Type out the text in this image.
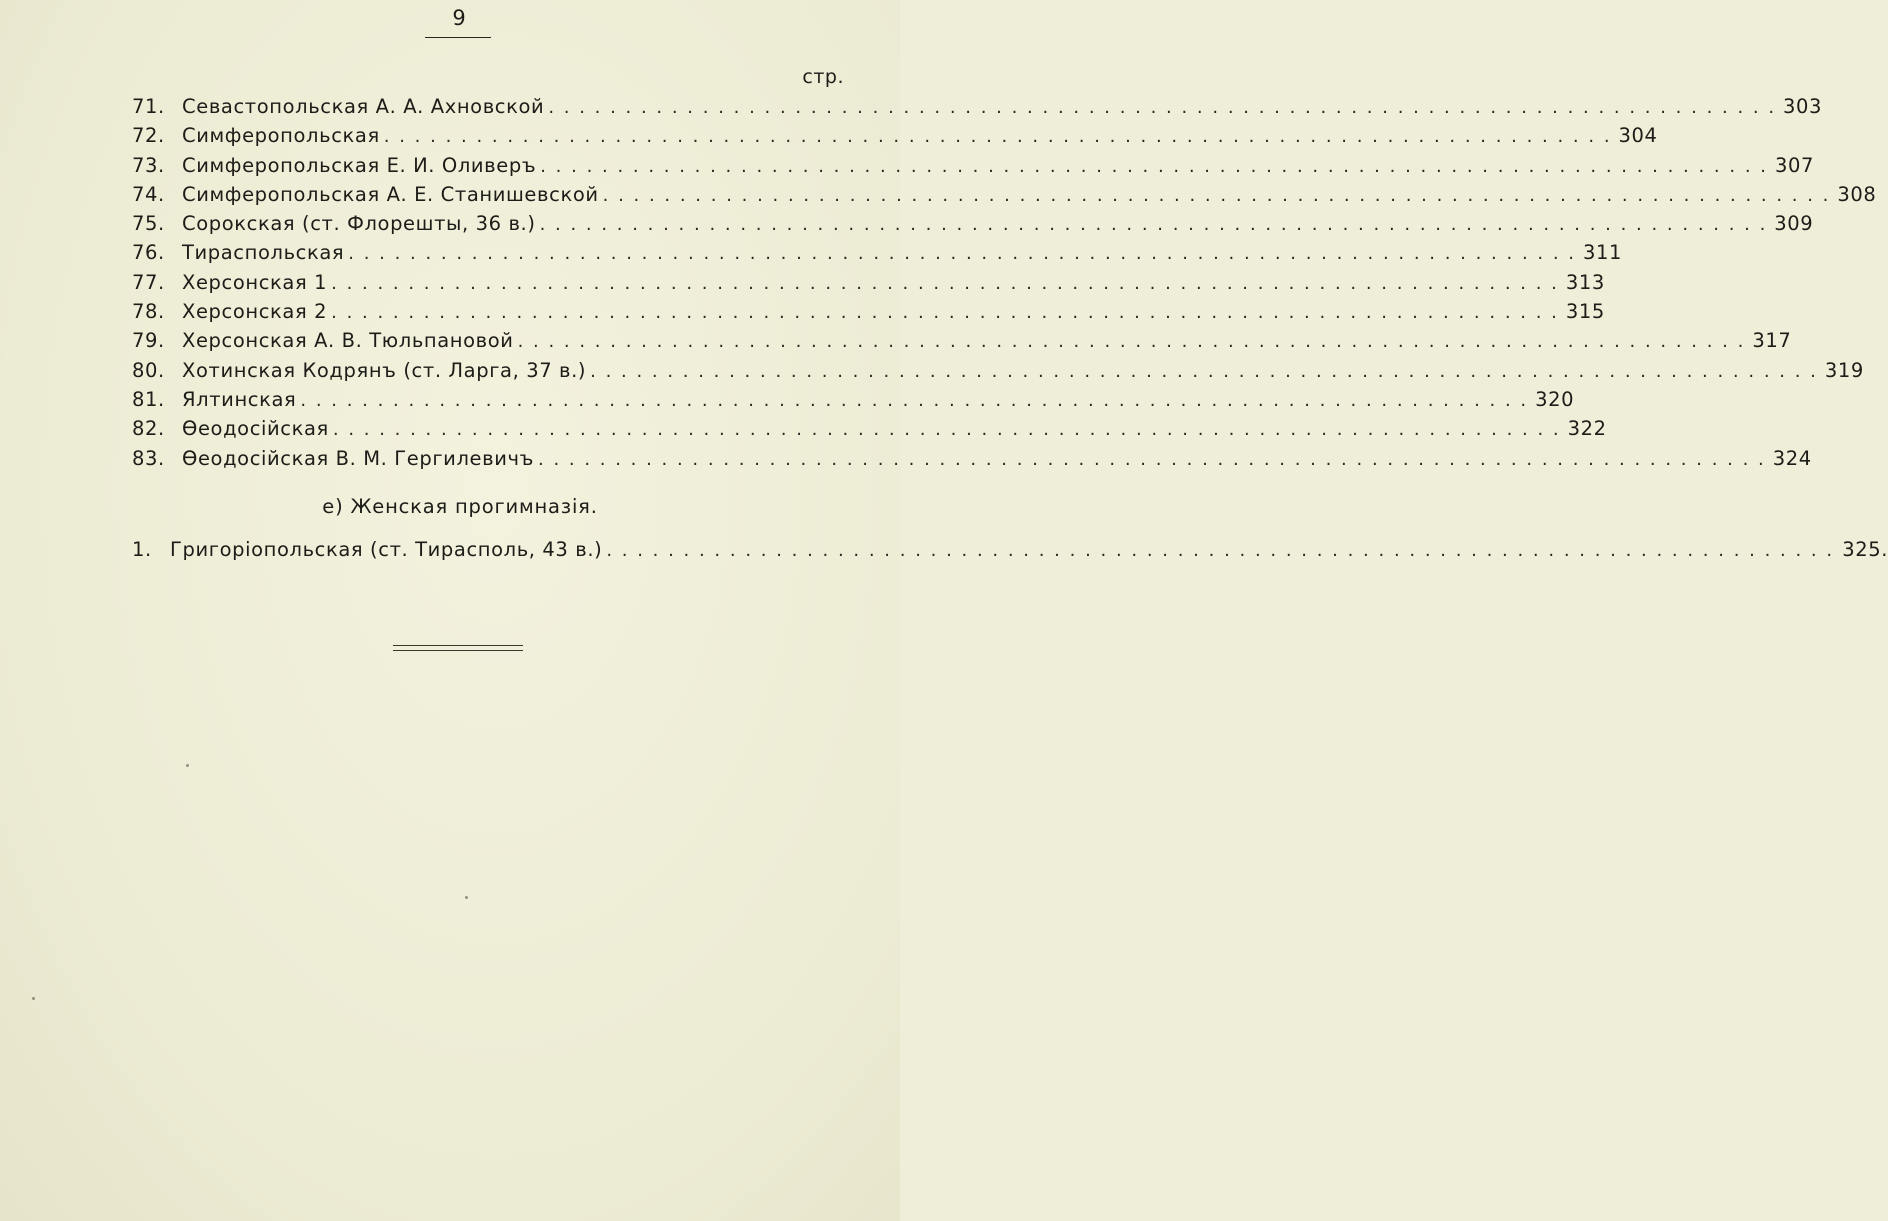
9
стр.
71. Севастопольская А. А. Ахновской . . . . . . . . . . . . . . . . . . . . . . . . . . . . . . . . . . . . . . . . . . . . . . . . . . . . . . . . . . . . . . . . . . . . . . . . . . . . . . . . 303
72. Симферопольская . . . . . . . . . . . . . . . . . . . . . . . . . . . . . . . . . . . . . . . . . . . . . . . . . . . . . . . . . . . . . . . . . . . . . . . . . . . . . . . . 304
73. Симферопольская Е. И. Оливеръ . . . . . . . . . . . . . . . . . . . . . . . . . . . . . . . . . . . . . . . . . . . . . . . . . . . . . . . . . . . . . . . . . . . . . . . . . . . . . . . . 307
74. Симферопольская А. Е. Станишевской . . . . . . . . . . . . . . . . . . . . . . . . . . . . . . . . . . . . . . . . . . . . . . . . . . . . . . . . . . . . . . . . . . . . . . . . . . . . . . . . 308
75. Сорокская (ст. Флорешты, 36 в.) . . . . . . . . . . . . . . . . . . . . . . . . . . . . . . . . . . . . . . . . . . . . . . . . . . . . . . . . . . . . . . . . . . . . . . . . . . . . . . . . 309
76. Тираспольская . . . . . . . . . . . . . . . . . . . . . . . . . . . . . . . . . . . . . . . . . . . . . . . . . . . . . . . . . . . . . . . . . . . . . . . . . . . . . . . . 311
77. Херсонская 1 . . . . . . . . . . . . . . . . . . . . . . . . . . . . . . . . . . . . . . . . . . . . . . . . . . . . . . . . . . . . . . . . . . . . . . . . . . . . . . . . 313
78. Херсонская 2 . . . . . . . . . . . . . . . . . . . . . . . . . . . . . . . . . . . . . . . . . . . . . . . . . . . . . . . . . . . . . . . . . . . . . . . . . . . . . . . . 315
79. Херсонская А. В. Тюльпановой . . . . . . . . . . . . . . . . . . . . . . . . . . . . . . . . . . . . . . . . . . . . . . . . . . . . . . . . . . . . . . . . . . . . . . . . . . . . . . . . 317
80. Хотинская Кодрянъ (ст. Ларга, 37 в.) . . . . . . . . . . . . . . . . . . . . . . . . . . . . . . . . . . . . . . . . . . . . . . . . . . . . . . . . . . . . . . . . . . . . . . . . . . . . . . . . 319
81. Ялтинская . . . . . . . . . . . . . . . . . . . . . . . . . . . . . . . . . . . . . . . . . . . . . . . . . . . . . . . . . . . . . . . . . . . . . . . . . . . . . . . . 320
82. Өеодосійская . . . . . . . . . . . . . . . . . . . . . . . . . . . . . . . . . . . . . . . . . . . . . . . . . . . . . . . . . . . . . . . . . . . . . . . . . . . . . . . . 322
83. Өеодосійская В. М. Гергилевичъ . . . . . . . . . . . . . . . . . . . . . . . . . . . . . . . . . . . . . . . . . . . . . . . . . . . . . . . . . . . . . . . . . . . . . . . . . . . . . . . . 324
е) Женская прогимназія.
1. Григоріопольская (ст. Тирасполь, 43 в.) . . . . . . . . . . . . . . . . . . . . . . . . . . . . . . . . . . . . . . . . . . . . . . . . . . . . . . . . . . . . . . . . . . . . . . . . . . . . . . . . 325.
